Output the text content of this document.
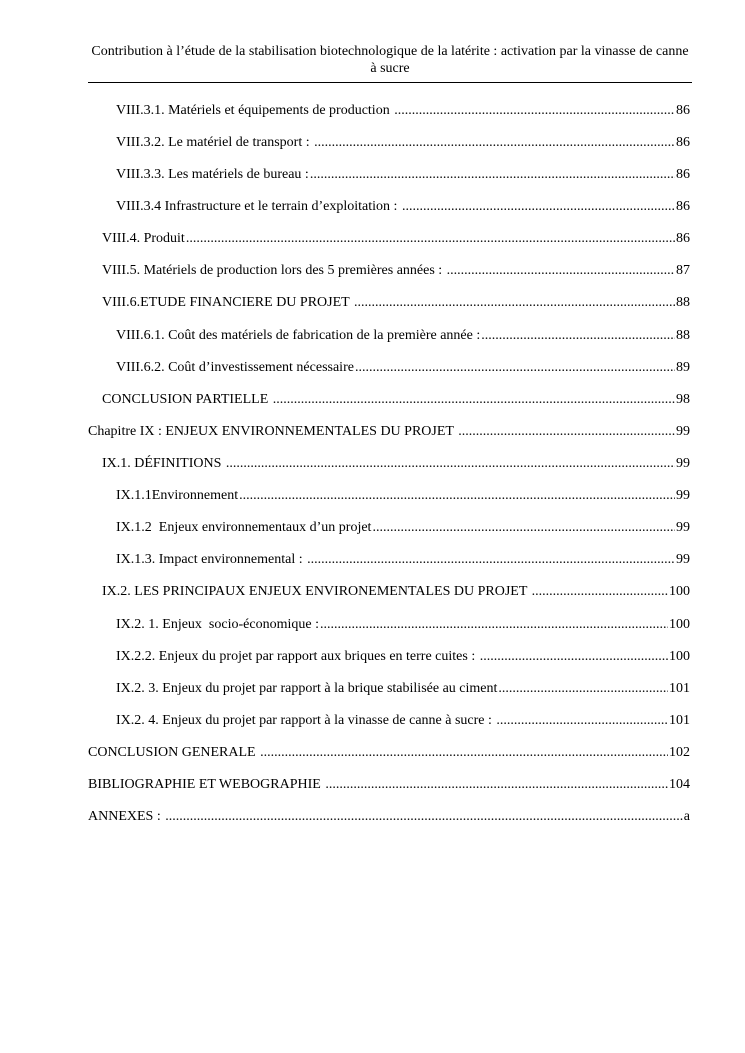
Contribution à l’étude de la stabilisation biotechnologique de la latérite : activation par la vinasse de canne à sucre
VIII.3.1. Matériels et équipements de production .....	86
VIII.3.2. Le matériel de transport : .....	86
VIII.3.3. Les matériels de bureau : .....	86
VIII.3.4 Infrastructure et le terrain d’exploitation : .....	86
VIII.4. Produit .....	86
VIII.5. Matériels de production lors des 5 premières années : .....	87
VIII.6.ETUDE FINANCIERE DU PROJET .....	88
VIII.6.1. Coût des matériels de fabrication de la première année : .....	88
VIII.6.2. Coût d’investissement nécessaire .....	89
CONCLUSION PARTIELLE .....	98
Chapitre IX : ENJEUX ENVIRONNEMENTALES DU PROJET .....	99
IX.1. DÉFINITIONS .....	99
IX.1.1Environnement .....	99
IX.1.2  Enjeux environnementaux d’un projet .....	99
IX.1.3. Impact environnemental : .....	99
IX.2. LES PRINCIPAUX ENJEUX ENVIRONEMENTALES DU PROJET .....	100
IX.2. 1. Enjeux  socio-économique : .....	100
IX.2.2. Enjeux du projet par rapport aux briques en terre cuites : .....	100
IX.2. 3. Enjeux du projet par rapport à la brique stabilisée au ciment .....	101
IX.2. 4. Enjeux du projet par rapport à la vinasse de canne à sucre : .....	101
CONCLUSION GENERALE .....	102
BIBLIOGRAPHIE ET WEBOGRAPHIE .....	104
ANNEXES : .....	a
